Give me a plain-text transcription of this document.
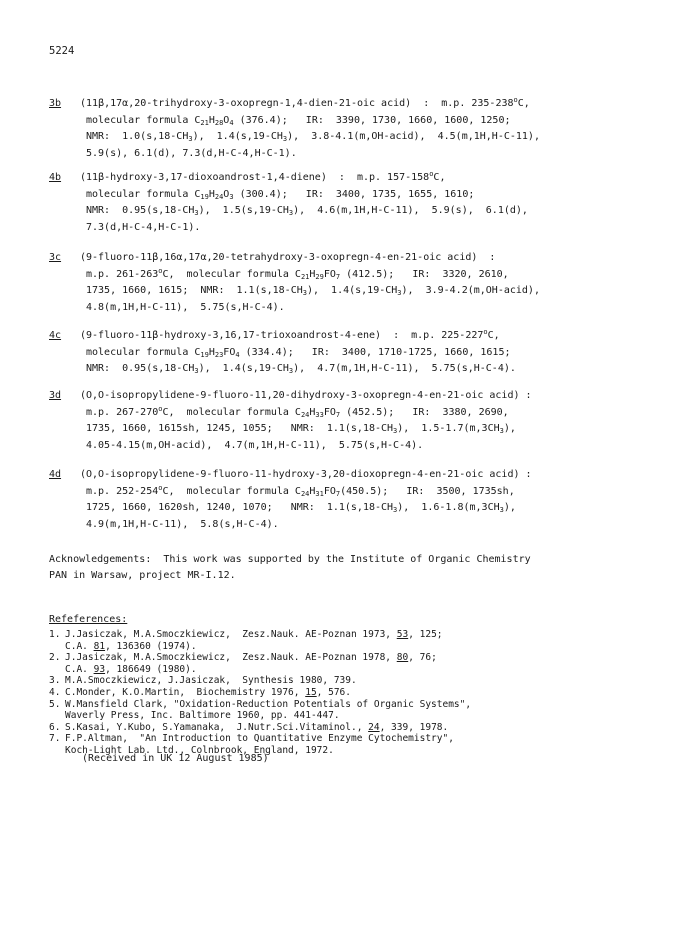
5224
3b (11β,17α,20-trihydroxy-3-oxopregn-1,4-dien-21-oic acid)  :  m.p. 235-238$^o$C,
molecular formula $C_{21}H_{28}O_4$ (376.4);   IR:  3390, 1730, 1660, 1600, 1250;
NMR:  $1.0(s,18-CH_3)$,  $1.4(s,19-CH_3)$,  3.8-4.1(m,OH-acid),  4.5(m,1H,H-C-11),
5.9(s), 6.1(d), 7.3(d,H-C-4,H-C-1).
4b (11β-hydroxy-3,17-dioxoandrost-1,4-diene)  :  m.p. 157-158$^o$C,
molecular formula $C_{19}H_{24}O_3$ (300.4);   IR:  3400, 1735, 1655, 1610;
NMR:  $0.95(s,18-CH_3)$,  $1.5(s,19-CH_3)$,  4.6(m,1H,H-C-11),  5.9(s),  6.1(d),
7.3(d,H-C-4,H-C-1).
3c (9-fluoro-11β,16α,17α,20-tetrahydroxy-3-oxopregn-4-en-21-oic acid)  :
m.p. 261-263$^o$C,  molecular formula $C_{21}H_{29}FO_7$ (412.5);   IR:  3320, 2610,
1735, 1660, 1615;  NMR:  $1.1(s,18-CH_3)$,  $1.4(s,19-CH_3)$,  3.9-4.2(m,OH-acid),
4.8(m,1H,H-C-11),  5.75(s,H-C-4).
4c (9-fluoro-11β-hydroxy-3,16,17-trioxoandrost-4-ene)  :  m.p. 225-227$^o$C,
molecular formula $C_{19}H_{23}FO_4$ (334.4);   IR:  3400, 1710-1725, 1660, 1615;
NMR:  $0.95(s,18-CH_3)$,  $1.4(s,19-CH_3)$,  4.7(m,1H,H-C-11),  5.75(s,H-C-4).
3d (O,O-isopropylidene-9-fluoro-11,20-dihydroxy-3-oxopregn-4-en-21-oic acid) :
m.p. 267-270$^o$C,  molecular formula $C_{24}H_{33}FO_7$ (452.5);   IR:  3380, 2690,
1735, 1660, 1615sh, 1245, 1055;   NMR:  $1.1(s,18-CH_3)$,  $1.5-1.7(m,3CH_3)$,
4.05-4.15(m,OH-acid),  4.7(m,1H,H-C-11),  5.75(s,H-C-4).
4d (O,O-isopropylidene-9-fluoro-11-hydroxy-3,20-dioxopregn-4-en-21-oic acid) :
m.p. 252-254$^o$C,  molecular formula $C_{24}H_{31}FO_7(450.5)$;   IR:  3500, 1735sh,
1725, 1660, 1620sh, 1240, 1070;   NMR:  $1.1(s,18-CH_3)$,  $1.6-1.8(m,3CH_3)$,
4.9(m,1H,H-C-11),  5.8(s,H-C-4).
Acknowledgements:  This work was supported by the Institute of Organic Chemistry
PAN in Warsaw, project MR-I.12.
Refeferences:
1. J.Jasiczak, M.A.Smoczkiewicz,  Zesz.Nauk. AE-Poznan 1973, 53, 125;
C.A. 81, 136360 (1974).
2. J.Jasiczak, M.A.Smoczkiewicz,  Zesz.Nauk. AE-Poznan 1978, 80, 76;
C.A. 93, 186649 (1980).
3. M.A.Smoczkiewicz, J.Jasiczak,  Synthesis 1980, 739.
4. C.Monder, K.O.Martin,  Biochemistry 1976, 15, 576.
5. W.Mansfield Clark, "Oxidation-Reduction Potentials of Organic Systems",
Waverly Press, Inc. Baltimore 1960, pp. 441-447.
6. S.Kasai, Y.Kubo, S.Yamanaka,  J.Nutr.Sci.Vitaminol., 24, 339, 1978.
7. F.P.Altman,  "An Introduction to Quantitative Enzyme Cytochemistry",
Koch-Light Lab. Ltd., Colnbrook, England, 1972.
(Received in UK 12 August 1985)
